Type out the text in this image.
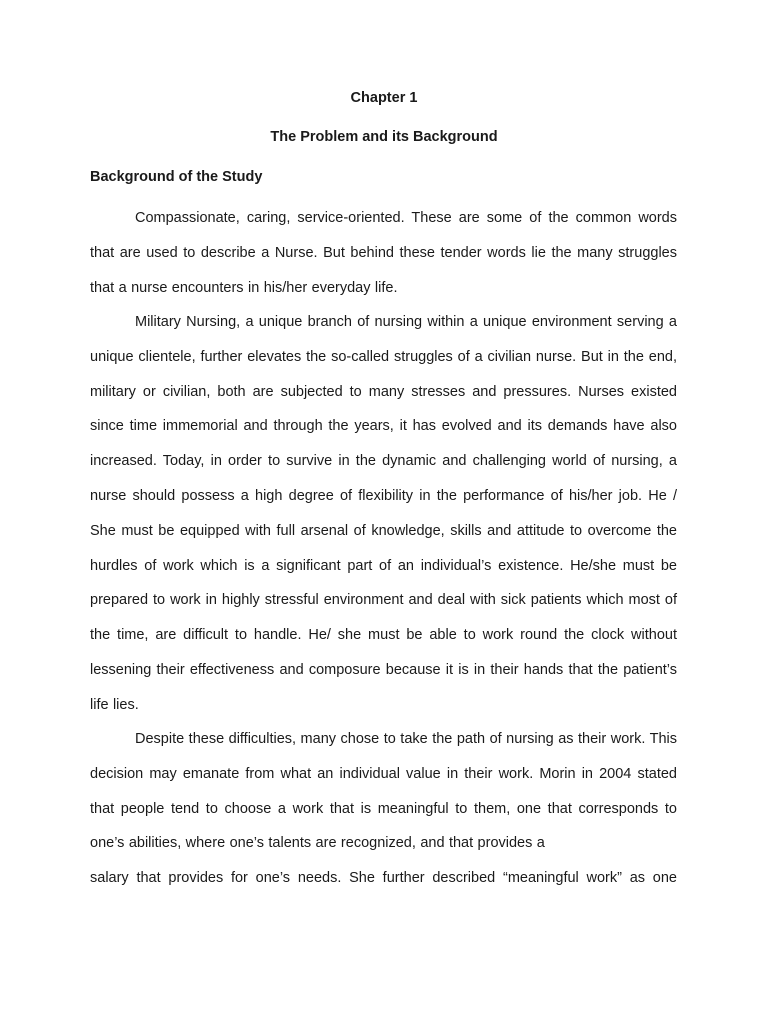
Chapter 1
The Problem and its Background
Background of the Study

Compassionate, caring, service-oriented. These are some of the common words that are used to describe a Nurse. But behind these tender words lie the many struggles that a nurse encounters in his/her everyday life.

Military Nursing, a unique branch of nursing within a unique environment serving a unique clientele, further elevates the so-called struggles of a civilian nurse. But in the end, military or civilian, both are subjected to many stresses and pressures. Nurses existed since time immemorial and through the years, it has evolved and its demands have also increased. Today, in order to survive in the dynamic and challenging world of nursing, a nurse should possess a high degree of flexibility in the performance of his/her job. He / She must be equipped with full arsenal of knowledge, skills and attitude to overcome the hurdles of work which is a significant part of an individual’s existence. He/she must be prepared to work in highly stressful environment and deal with sick patients which most of the time, are difficult to handle. He/ she must be able to work round the clock without lessening their effectiveness and composure because it is in their hands that the patient’s life lies.

Despite these difficulties, many chose to take the path of nursing as their work. This decision may emanate from what an individual value in their work. Morin in 2004 stated that people tend to choose a work that is meaningful to them, one that corresponds to one’s abilities, where one’s talents are recognized, and that provides a

salary that provides for one’s needs. She further described “meaningful work” as one
